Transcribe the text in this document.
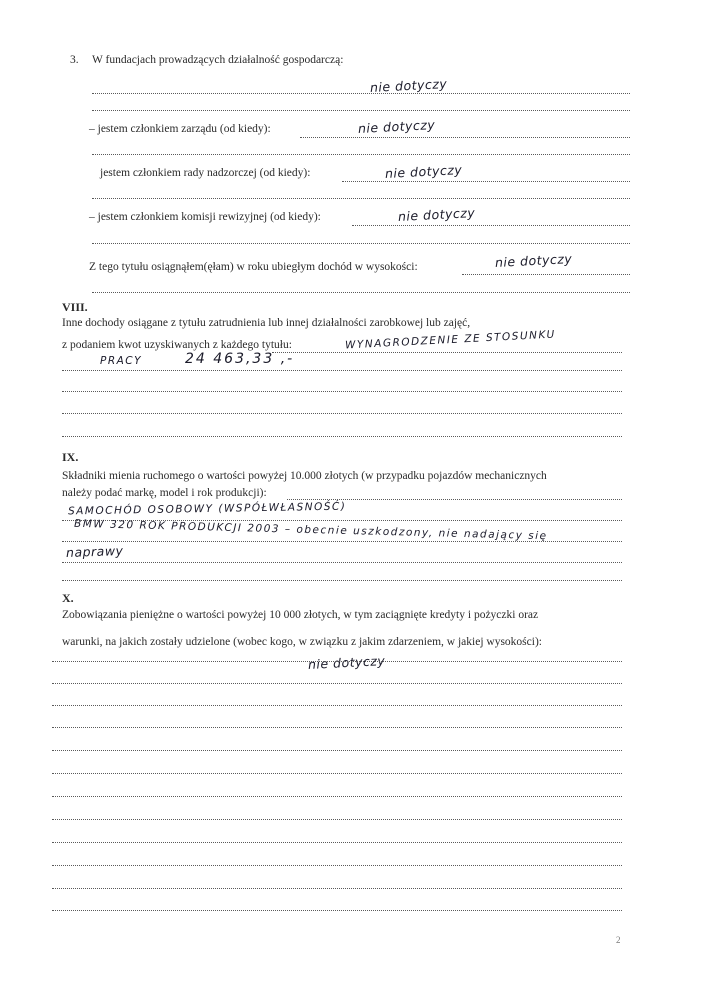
3. W fundacjach prowadzących działalność gospodarczą:
nie dotyczy
– jestem członkiem zarządu (od kiedy):	nie dotyczy
jestem członkiem rady nadzorczej (od kiedy):	nie dotyczy
– jestem członkiem komisji rewizyjnej (od kiedy):	nie dotyczy
Z tego tytułu osiągnąłem(ęłam) w roku ubiegłym dochód w wysokości:	nie dotyczy
VIII.
Inne dochody osiągane z tytułu zatrudnienia lub innej działalności zarobkowej lub zajęć,
z podaniem kwot uzyskiwanych z każdego tytułu:	WYNAGRODZENIE ZE STOSUNKU
PRACY	24 463,33 ,-
IX.
Składniki mienia ruchomego o wartości powyżej 10.000 złotych (w przypadku pojazdów mechanicznych
należy podać markę, model i rok produkcji):
SAMOCHÓD OSOBOWY (WSPÓŁWŁASNOŚĆ)
BMW 320 ROK PRODUKCJI 2003 – obecnie uszkodzony, nie nadający się
naprawy
X.
Zobowiązania pieniężne o wartości powyżej 10 000 złotych, w tym zaciągnięte kredyty i pożyczki oraz
warunki, na jakich zostały udzielone (wobec kogo, w związku z jakim zdarzeniem, w jakiej wysokości):
nie dotyczy
2
